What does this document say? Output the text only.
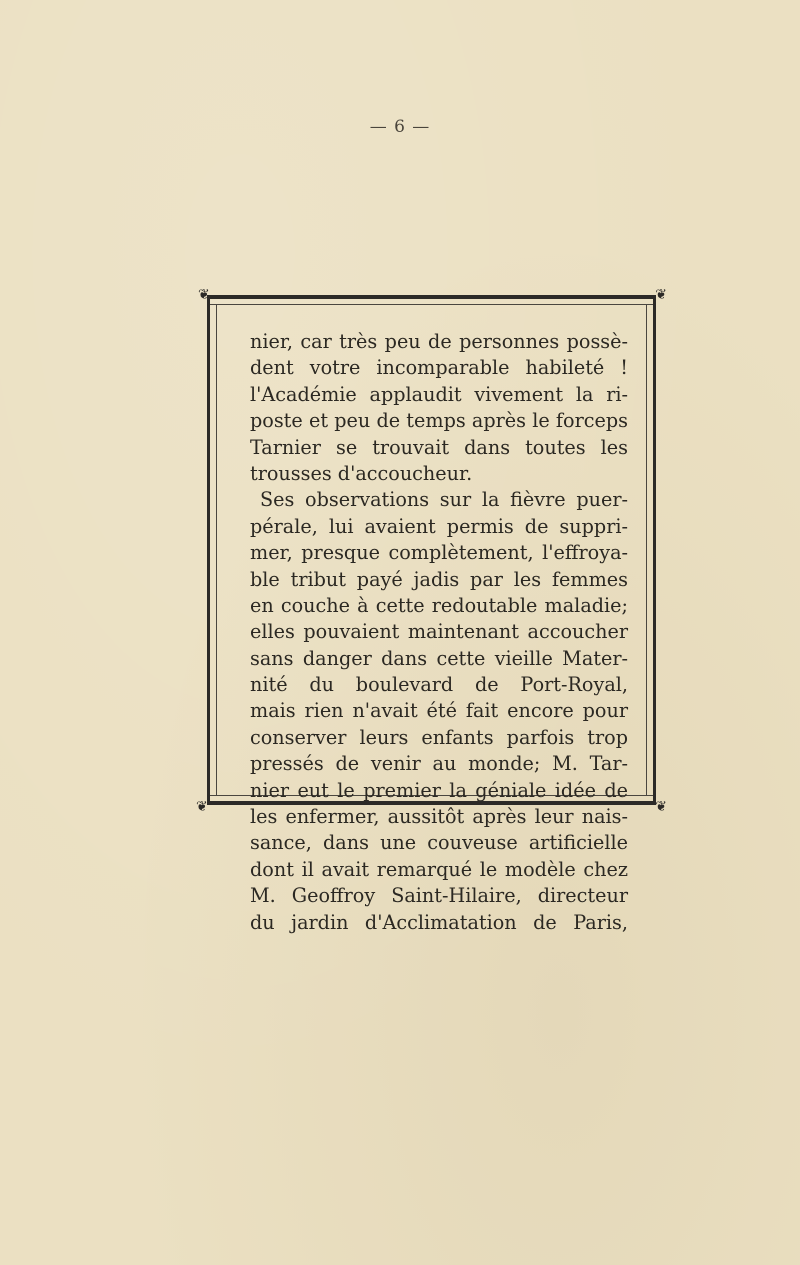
— 6 —
❦	❦
❦	❦
nier, car très peu de personnes possè-
dent votre incomparable habileté !
l'Académie applaudit vivement la ri-
poste et peu de temps après le forceps
Tarnier se trouvait dans toutes les
trousses d'accoucheur.
Ses observations sur la fièvre puer-
pérale, lui avaient permis de suppri-
mer, presque complètement, l'effroya-
ble tribut payé jadis par les femmes
en couche à cette redoutable maladie;
elles pouvaient maintenant accoucher
sans danger dans cette vieille Mater-
nité du boulevard de Port-Royal,
mais rien n'avait été fait encore pour
conserver leurs enfants parfois trop
pressés de venir au monde; M. Tar-
nier eut le premier la géniale idée de
les enfermer, aussitôt après leur nais-
sance, dans une couveuse artificielle
dont il avait remarqué le modèle chez
M. Geoffroy Saint-Hilaire, directeur
du jardin d'Acclimatation de Paris,
